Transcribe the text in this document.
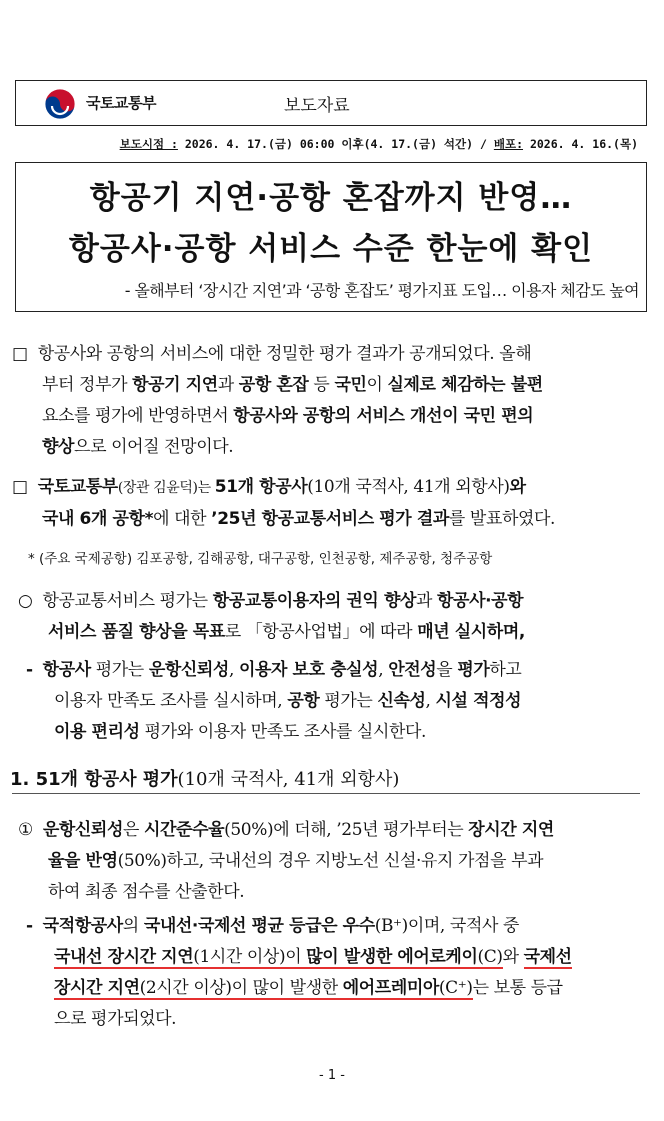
국토교통부	보도자료
보도시점 : 2026. 4. 17.(금) 06:00 이후(4. 17.(금) 석간) / 배포: 2026. 4. 16.(목)
항공기 지연·공항 혼잡까지 반영…
항공사·공항 서비스 수준 한눈에 확인
- 올해부터 ‘장시간 지연’과 ‘공항 혼잡도’ 평가지표 도입… 이용자 체감도 높여
□ 항공사와 공항의 서비스에 대한 정밀한 평가 결과가 공개되었다. 올해
부터 정부가 항공기 지연과 공항 혼잡 등 국민이 실제로 체감하는 불편
요소를 평가에 반영하면서 항공사와 공항의 서비스 개선이 국민 편의
향상으로 이어질 전망이다.
□ 국토교통부(장관 김윤덕)는 51개 항공사(10개 국적사, 41개 외항사)와
국내 6개 공항*에 대한 ’25년 항공교통서비스 평가 결과를 발표하였다.
* (주요 국제공항) 김포공항, 김해공항, 대구공항, 인천공항, 제주공항, 청주공항
○ 항공교통서비스 평가는 항공교통이용자의 권익 향상과 항공사·공항
서비스 품질 향상을 목표로 「항공사업법」에 따라 매년 실시하며,
- 항공사 평가는 운항신뢰성, 이용자 보호 충실성, 안전성을 평가하고
이용자 만족도 조사를 실시하며, 공항 평가는 신속성, 시설 적정성
이용 편리성 평가와 이용자 만족도 조사를 실시한다.
1. 51개 항공사 평가(10개 국적사, 41개 외항사)
① 운항신뢰성은 시간준수율(50%)에 더해, ’25년 평가부터는 장시간 지연
율을 반영(50%)하고, 국내선의 경우 지방노선 신설·유지 가점을 부과
하여 최종 점수를 산출한다.
- 국적항공사의 국내선·국제선 평균 등급은 우수(B⁺)이며, 국적사 중
국내선 장시간 지연(1시간 이상)이 많이 발생한 에어로케이(C)와 국제선
장시간 지연(2시간 이상)이 많이 발생한 에어프레미아(C⁺)는 보통 등급
으로 평가되었다.
- 1 -
